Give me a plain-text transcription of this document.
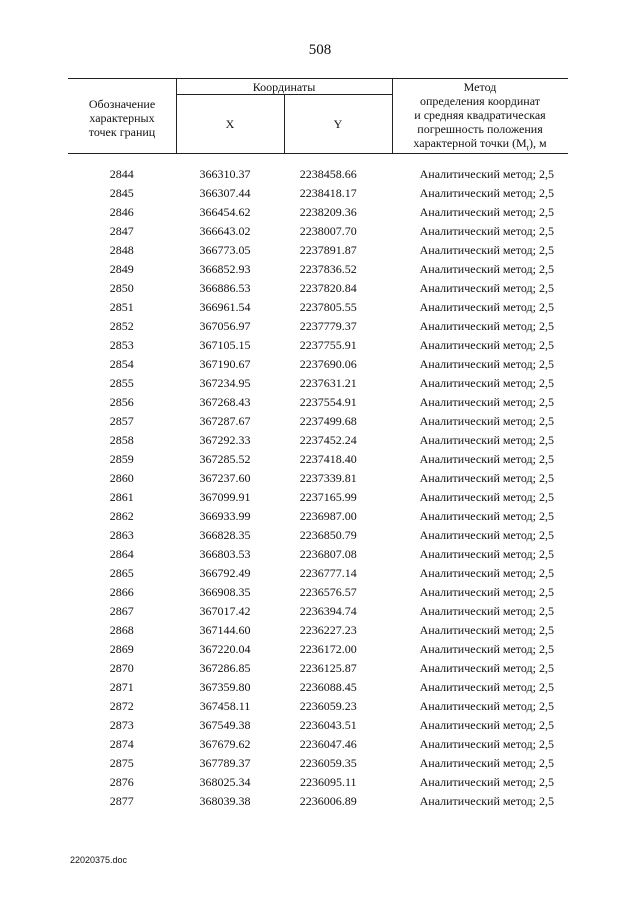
508
Обозначение
характерных
точек границ
Координаты
X	Y
Метод
определения координат
и средняя квадратическая
погрешность положения
характерной точки $(M_t)$, м
2844	366310.37	2238458.66	Аналитический метод; 2,5
2845	366307.44	2238418.17	Аналитический метод; 2,5
2846	366454.62	2238209.36	Аналитический метод; 2,5
2847	366643.02	2238007.70	Аналитический метод; 2,5
2848	366773.05	2237891.87	Аналитический метод; 2,5
2849	366852.93	2237836.52	Аналитический метод; 2,5
2850	366886.53	2237820.84	Аналитический метод; 2,5
2851	366961.54	2237805.55	Аналитический метод; 2,5
2852	367056.97	2237779.37	Аналитический метод; 2,5
2853	367105.15	2237755.91	Аналитический метод; 2,5
2854	367190.67	2237690.06	Аналитический метод; 2,5
2855	367234.95	2237631.21	Аналитический метод; 2,5
2856	367268.43	2237554.91	Аналитический метод; 2,5
2857	367287.67	2237499.68	Аналитический метод; 2,5
2858	367292.33	2237452.24	Аналитический метод; 2,5
2859	367285.52	2237418.40	Аналитический метод; 2,5
2860	367237.60	2237339.81	Аналитический метод; 2,5
2861	367099.91	2237165.99	Аналитический метод; 2,5
2862	366933.99	2236987.00	Аналитический метод; 2,5
2863	366828.35	2236850.79	Аналитический метод; 2,5
2864	366803.53	2236807.08	Аналитический метод; 2,5
2865	366792.49	2236777.14	Аналитический метод; 2,5
2866	366908.35	2236576.57	Аналитический метод; 2,5
2867	367017.42	2236394.74	Аналитический метод; 2,5
2868	367144.60	2236227.23	Аналитический метод; 2,5
2869	367220.04	2236172.00	Аналитический метод; 2,5
2870	367286.85	2236125.87	Аналитический метод; 2,5
2871	367359.80	2236088.45	Аналитический метод; 2,5
2872	367458.11	2236059.23	Аналитический метод; 2,5
2873	367549.38	2236043.51	Аналитический метод; 2,5
2874	367679.62	2236047.46	Аналитический метод; 2,5
2875	367789.37	2236059.35	Аналитический метод; 2,5
2876	368025.34	2236095.11	Аналитический метод; 2,5
2877	368039.38	2236006.89	Аналитический метод; 2,5
22020375.doc
